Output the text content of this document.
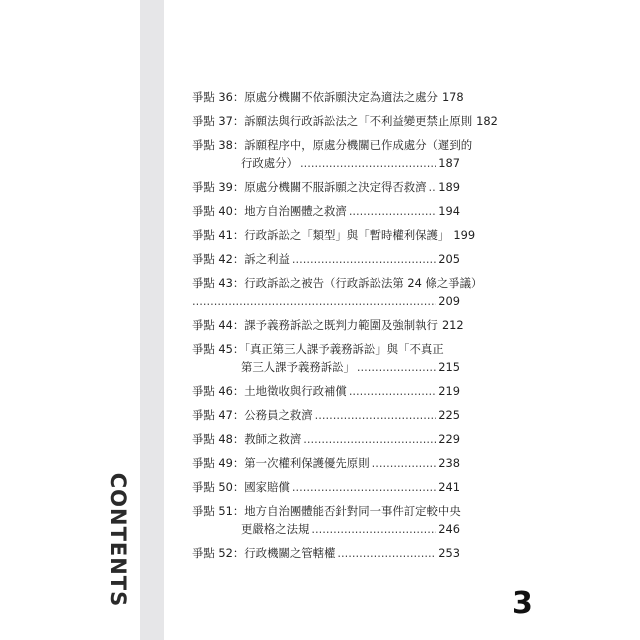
CONTENTS
爭點 36：原處分機關不依訴願決定為適法之處分 178
爭點 37：訴願法與行政訴訟法之「不利益變更禁止原則 182
爭點 38：訴願程序中，原處分機關已作成處分（遲到的
行政處分） .....	187
爭點 39：原處分機關不服訴願之決定得否救濟 ..... 189
爭點 40：地方自治團體之救濟 .....	194
爭點 41：行政訴訟之「類型」與「暫時權利保護」 199
爭點 42：訴之利益 .....	205
爭點 43：行政訴訟之被告（行政訴訟法第 24 條之爭議）
.....
209
爭點 44：課予義務訴訟之既判力範圍及強制執行 212
爭點 45：「真正第三人課予義務訴訟」與「不真正
第三人課予義務訴訟」 .....	215
爭點 46：土地徵收與行政補償 .....	219
爭點 47：公務員之救濟 .....	225
爭點 48：教師之救濟 .....	229
爭點 49：第一次權利保護優先原則 .....	238
爭點 50：國家賠償 .....	241
爭點 51：地方自治團體能否針對同一事件訂定較中央
更嚴格之法規 .....	246
爭點 52：行政機關之管轄權 .....	253
3
